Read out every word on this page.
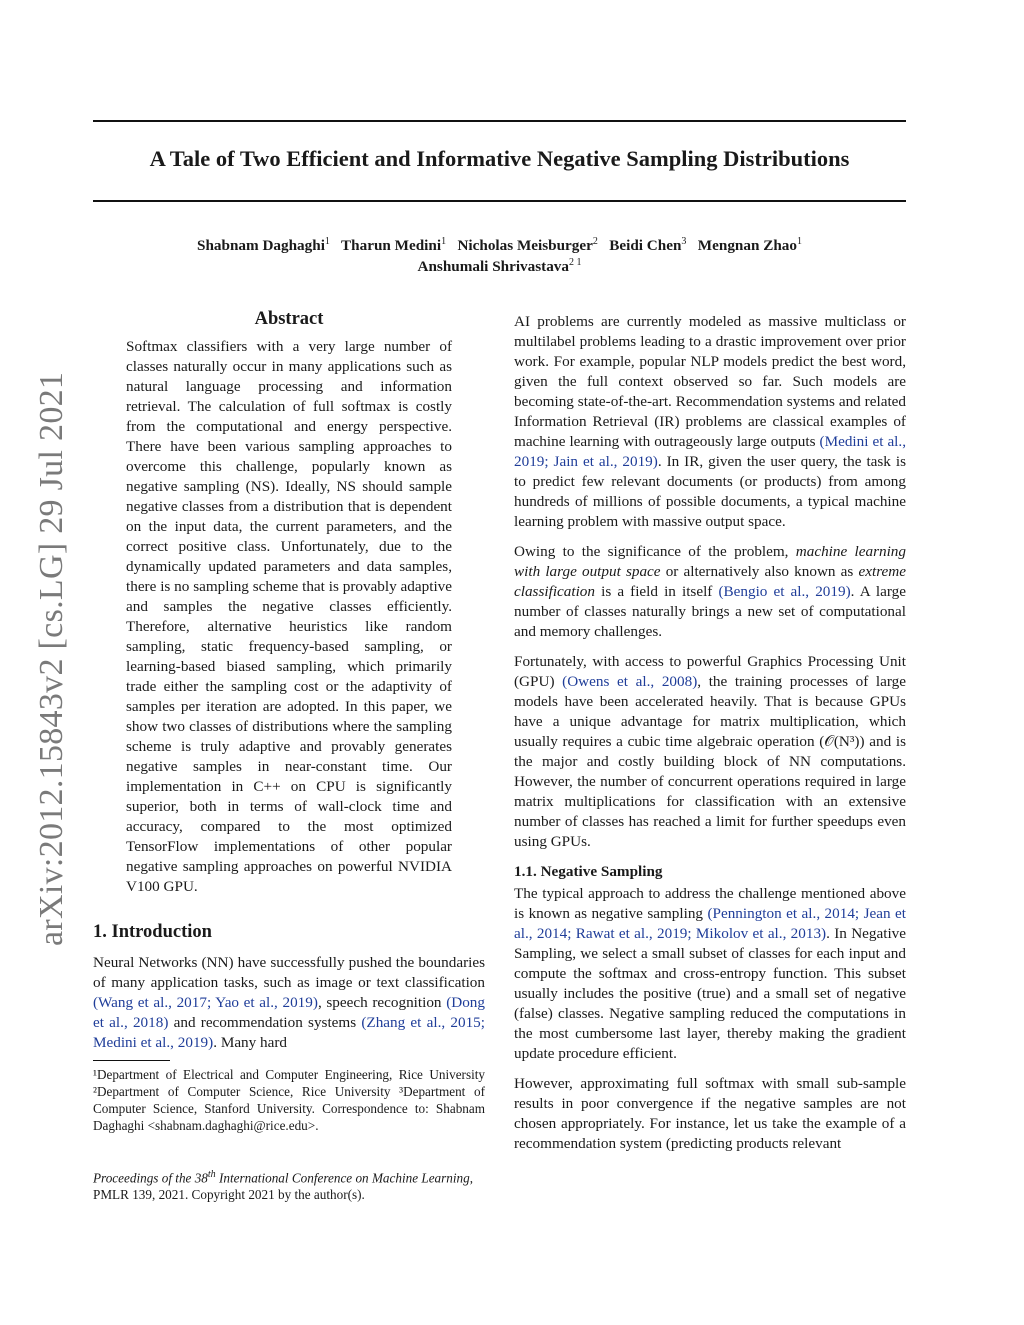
arXiv:2012.15843v2 [cs.LG] 29 Jul 2021
A Tale of Two Efficient and Informative Negative Sampling Distributions
Shabnam Daghaghi$^1$ Tharun Medini$^1$ Nicholas Meisburger$^2$ Beidi Chen$^3$ Mengnan Zhao$^1$
Anshumali Shrivastava$^{2 1}$
Abstract
Softmax classifiers with a very large number of classes naturally occur in many applications such as natural language processing and information retrieval. The calculation of full softmax is costly from the computational and energy perspective. There have been various sampling approaches to overcome this challenge, popularly known as negative sampling (NS). Ideally, NS should sample negative classes from a distribution that is dependent on the input data, the current parameters, and the correct positive class. Unfortunately, due to the dynamically updated parameters and data samples, there is no sampling scheme that is provably adaptive and samples the negative classes efficiently. Therefore, alternative heuristics like random sampling, static frequency-based sampling, or learning-based biased sampling, which primarily trade either the sampling cost or the adaptivity of samples per iteration are adopted. In this paper, we show two classes of distributions where the sampling scheme is truly adaptive and provably generates negative samples in near-constant time. Our implementation in C++ on CPU is significantly superior, both in terms of wall-clock time and accuracy, compared to the most optimized TensorFlow implementations of other popular negative sampling approaches on powerful NVIDIA V100 GPU.
1. Introduction
Neural Networks (NN) have successfully pushed the boundaries of many application tasks, such as image or text classification (Wang et al., 2017; Yao et al., 2019), speech recognition (Dong et al., 2018) and recommendation systems (Zhang et al., 2015; Medini et al., 2019). Many hard
¹Department of Electrical and Computer Engineering, Rice University ²Department of Computer Science, Rice University ³Department of Computer Science, Stanford University. Correspondence to: Shabnam Daghaghi <shabnam.daghaghi@rice.edu>.
Proceedings of the 38th International Conference on Machine Learning, PMLR 139, 2021. Copyright 2021 by the author(s).

AI problems are currently modeled as massive multiclass or multilabel problems leading to a drastic improvement over prior work. For example, popular NLP models predict the best word, given the full context observed so far. Such models are becoming state-of-the-art. Recommendation systems and related Information Retrieval (IR) problems are classical examples of machine learning with outrageously large outputs (Medini et al., 2019; Jain et al., 2019). In IR, given the user query, the task is to predict few relevant documents (or products) from among hundreds of millions of possible documents, a typical machine learning problem with massive output space.

Owing to the significance of the problem, machine learning with large output space or alternatively also known as extreme classification is a field in itself (Bengio et al., 2019). A large number of classes naturally brings a new set of computational and memory challenges.

Fortunately, with access to powerful Graphics Processing Unit (GPU) (Owens et al., 2008), the training processes of large models have been accelerated heavily. That is because GPUs have a unique advantage for matrix multiplication, which usually requires a cubic time algebraic operation (𝒪(N³)) and is the major and costly building block of NN computations. However, the number of concurrent operations required in large matrix multiplications for classification with an extensive number of classes has reached a limit for further speedups even using GPUs.

1.1. Negative Sampling

The typical approach to address the challenge mentioned above is known as negative sampling (Pennington et al., 2014; Jean et al., 2014; Rawat et al., 2019; Mikolov et al., 2013). In Negative Sampling, we select a small subset of classes for each input and compute the softmax and cross-entropy function. This subset usually includes the positive (true) and a small set of negative (false) classes. Negative sampling reduced the computations in the most cumbersome last layer, thereby making the gradient update procedure efficient.

However, approximating full softmax with small sub-sample results in poor convergence if the negative samples are not chosen appropriately. For instance, let us take the example of a recommendation system (predicting products relevant
